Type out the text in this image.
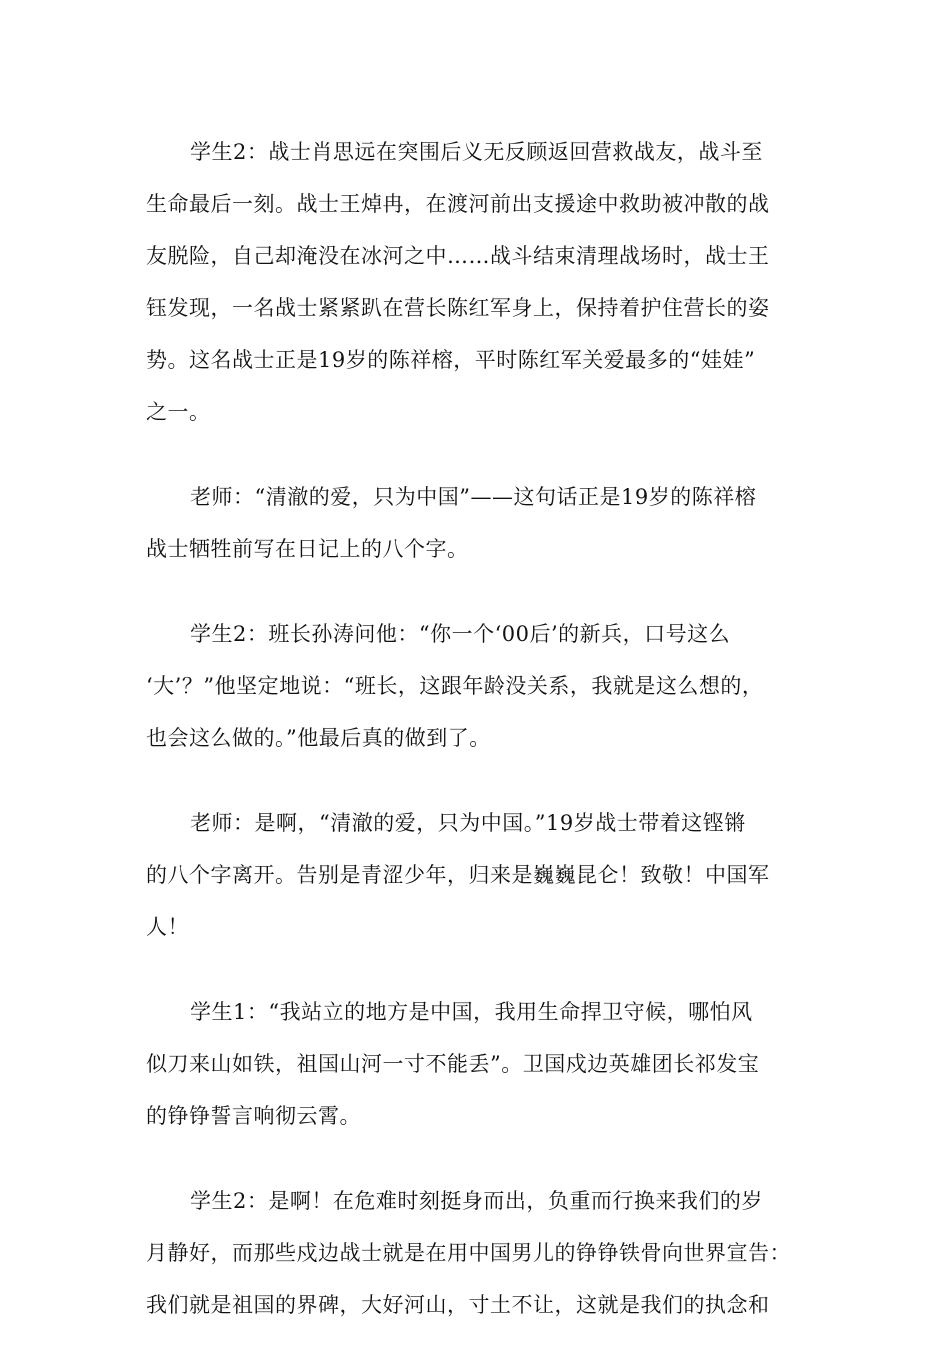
学生2：战士肖思远在突围后义无反顾返回营救战友，战斗至
生命最后一刻。战士王焯冉，在渡河前出支援途中救助被冲散的战
友脱险，自己却淹没在冰河之中……战斗结束清理战场时，战士王
钰发现，一名战士紧紧趴在营长陈红军身上，保持着护住营长的姿
势。这名战士正是19岁的陈祥榕，平时陈红军关爱最多的“娃娃”
之一。
老师：“清澈的爱，只为中国”——这句话正是19岁的陈祥榕
战士牺牲前写在日记上的八个字。
学生2：班长孙涛问他：“你一个‘00后’的新兵，口号这么
‘大’？”他坚定地说：“班长，这跟年龄没关系，我就是这么想的，
也会这么做的。”他最后真的做到了。
老师：是啊，“清澈的爱，只为中国。”19岁战士带着这铿锵
的八个字离开。告别是青涩少年，归来是巍巍昆仑！致敬！中国军
人！
学生1：“我站立的地方是中国，我用生命捍卫守候，哪怕风
似刀来山如铁，祖国山河一寸不能丢”。卫国戍边英雄团长祁发宝
的铮铮誓言响彻云霄。
学生2：是啊！在危难时刻挺身而出，负重而行换来我们的岁
月静好，而那些戍边战士就是在用中国男儿的铮铮铁骨向世界宣告：
我们就是祖国的界碑，大好河山，寸土不让，这就是我们的执念和
